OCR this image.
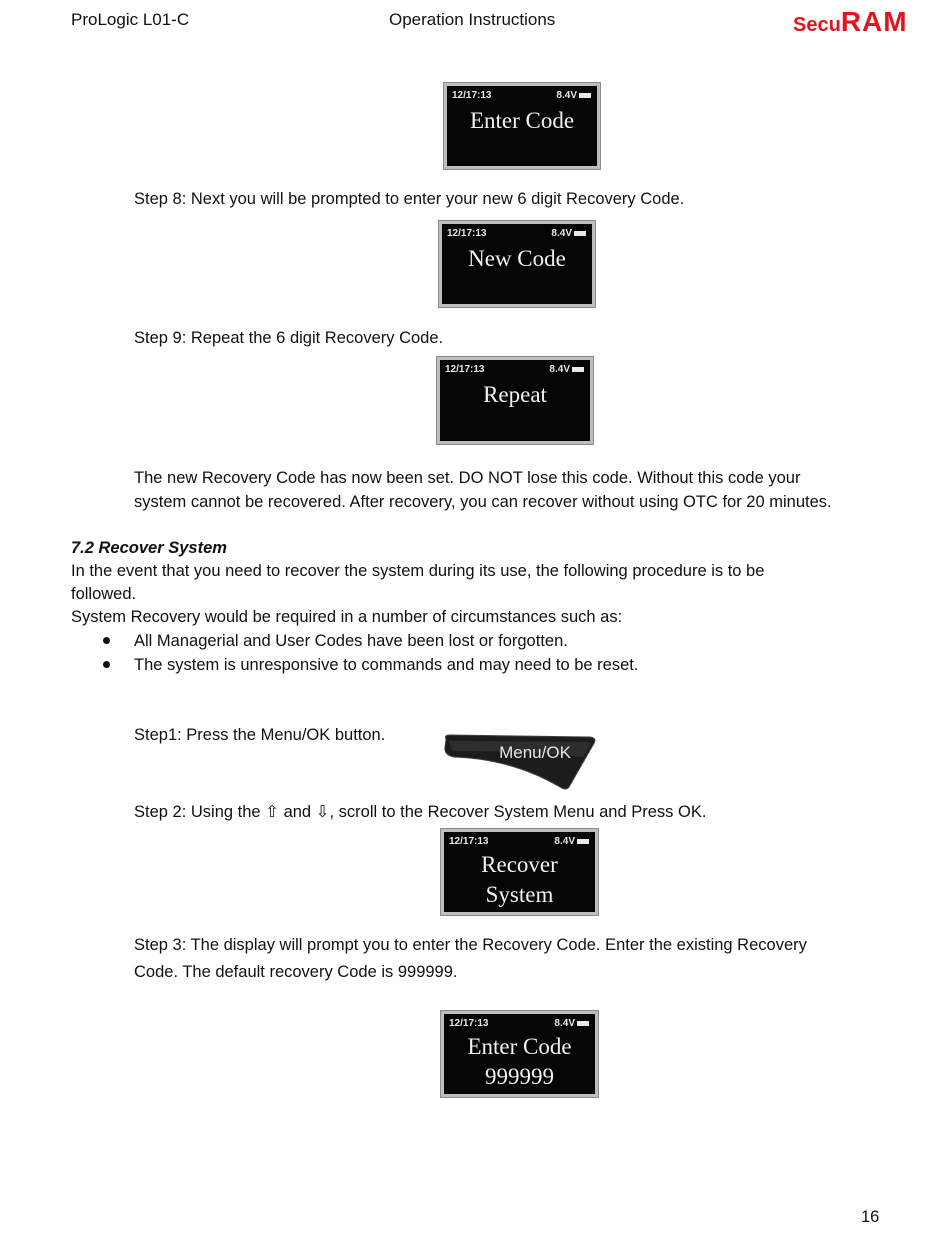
ProLogic L01-C	Operation Instructions	Secu RAM
12/17:13	8.4V
Enter Code
Step 8: Next you will be prompted to enter your new 6 digit Recovery Code.
12/17:13	8.4V
New Code
Step 9: Repeat the 6 digit Recovery Code.
12/17:13	8.4V
Repeat
The new Recovery Code has now been set. DO NOT lose this code. Without this code your
system cannot be recovered. After recovery, you can recover without using OTC for 20 minutes.
7.2 Recover System
In the event that you need to recover the system during its use, the following procedure is to be
followed.
System Recovery would be required in a number of circumstances such as:
All Managerial and User Codes have been lost or forgotten.
The system is unresponsive to commands and may need to be reset.
Step1: Press the Menu/OK button.
Menu/OK
Step 2: Using the ⇧ and ⇩, scroll to the Recover System Menu and Press OK.
12/17:13	8.4V
Recover
System
Step 3: The display will prompt you to enter the Recovery Code. Enter the existing Recovery
Code. The default recovery Code is 999999.
12/17:13	8.4V
Enter Code
999999
16
